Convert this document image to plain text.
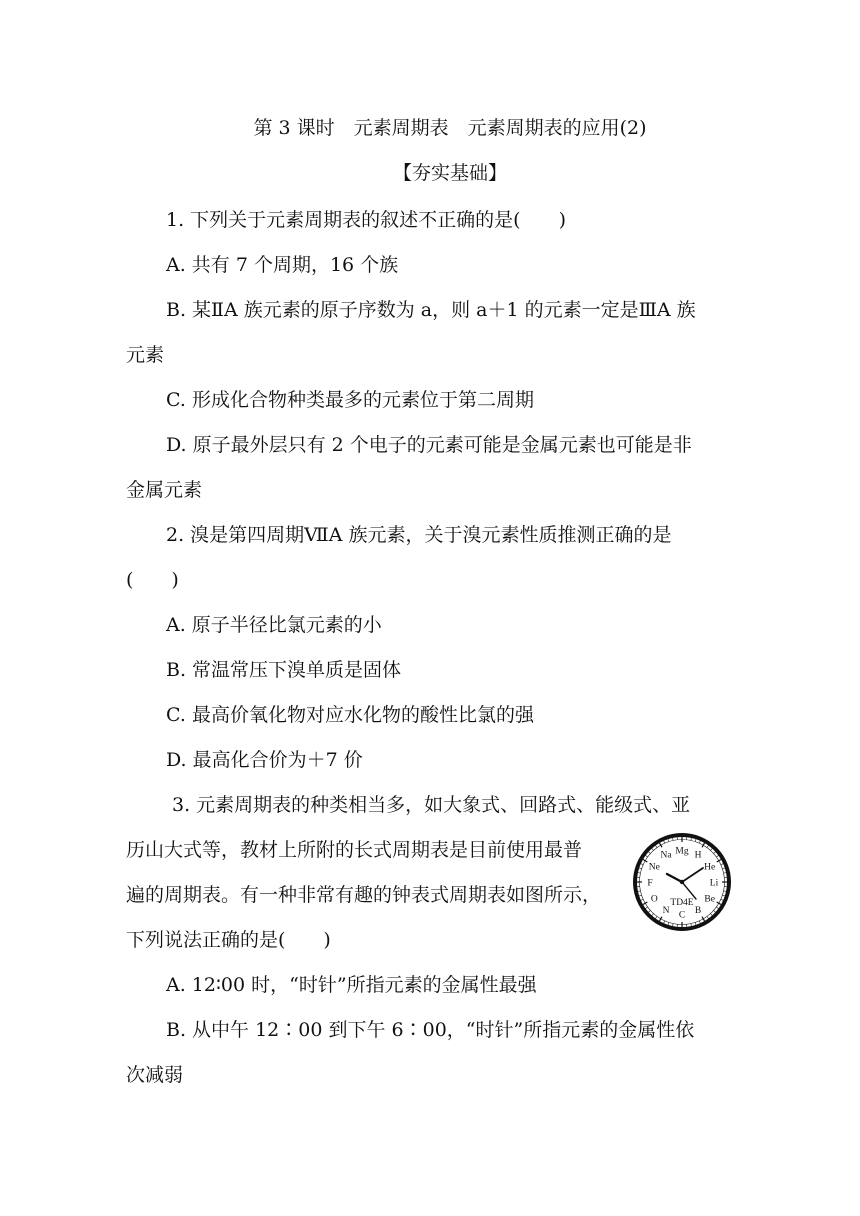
第 3 课时　元素周期表　元素周期表的应用(2)
【夯实基础】
1. 下列关于元素周期表的叙述不正确的是(　　)
A. 共有 7 个周期，16 个族
B. 某ⅡA 族元素的原子序数为 a，则 a＋1 的元素一定是ⅢA 族
元素
C. 形成化合物种类最多的元素位于第二周期
D. 原子最外层只有 2 个电子的元素可能是金属元素也可能是非
金属元素
2. 溴是第四周期ⅦA 族元素，关于溴元素性质推测正确的是
(　　)
A. 原子半径比氯元素的小
B. 常温常压下溴单质是固体
C. 最高价氧化物对应水化物的酸性比氯的强
D. 最高化合价为＋7 价
3. 元素周期表的种类相当多，如大象式、回路式、能级式、亚
历山大式等，教材上所附的长式周期表是目前使用最普
遍的周期表。有一种非常有趣的钟表式周期表如图所示，
下列说法正确的是(　　)
A. 12∶00 时，“时针”所指元素的金属性最强
B. 从中午 12∶00 到下午 6∶00，“时针”所指元素的金属性依
次减弱
H
He
Li
Be
B
C
N
O
F
Ne
Na Mg
TD4E
